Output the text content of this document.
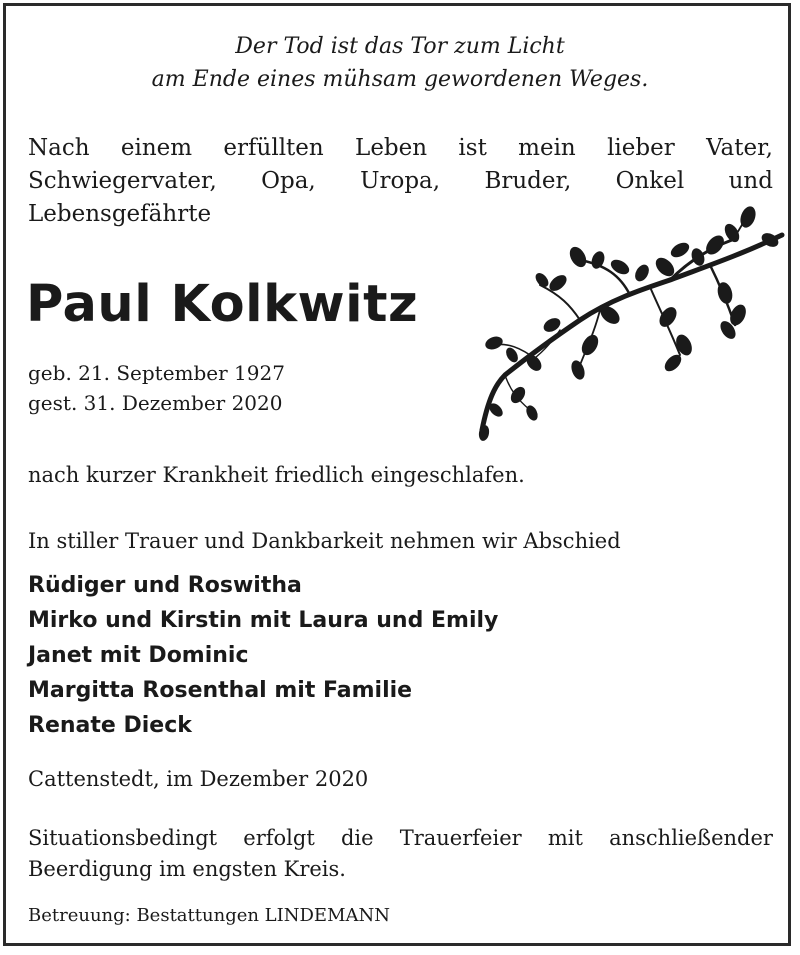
Der Tod ist das Tor zum Licht
am Ende eines mühsam gewordenen Weges.
Nach einem erfüllten Leben ist mein lieber Vater,
Schwiegervater, Opa, Uropa, Bruder, Onkel und
Lebensgefährte
Paul Kolkwitz
geb. 21. September 1927
gest. 31. Dezember 2020
nach kurzer Krankheit friedlich eingeschlafen.
In stiller Trauer und Dankbarkeit nehmen wir Abschied
Rüdiger und Roswitha
Mirko und Kirstin mit Laura und Emily
Janet mit Dominic
Margitta Rosenthal mit Familie
Renate Dieck
Cattenstedt, im Dezember 2020
Situationsbedingt erfolgt die Trauerfeier mit anschließender
Beerdigung im engsten Kreis.
Betreuung: Bestattungen LINDEMANN
